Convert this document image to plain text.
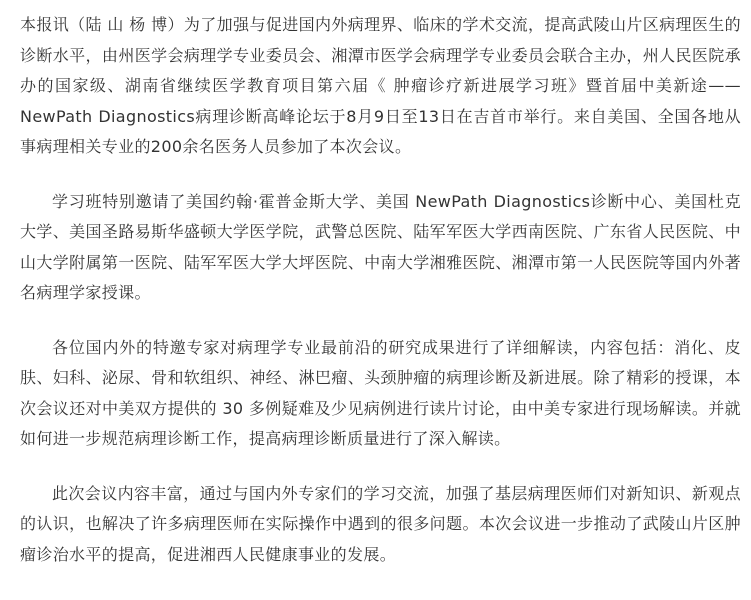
本报讯（陆 山 杨 博）为了加强与促进国内外病理界、临床的学术交流，提高武陵山片区病理医生的诊断水平，由州医学会病理学专业委员会、湘潭市医学会病理学专业委员会联合主办，州人民医院承办的国家级、湖南省继续医学教育项目第六届《 肿瘤诊疗新进展学习班》暨首届中美新途——NewPath Diagnostics病理诊断高峰论坛于8月9日至13日在吉首市举行。来自美国、全国各地从事病理相关专业的200余名医务人员参加了本次会议。

学习班特别邀请了美国约翰·霍普金斯大学、美国 NewPath Diagnostics诊断中心、美国杜克大学、美国圣路易斯华盛顿大学医学院，武警总医院、陆军军医大学西南医院、广东省人民医院、中山大学附属第一医院、陆军军医大学大坪医院、中南大学湘雅医院、湘潭市第一人民医院等国内外著名病理学家授课。

各位国内外的特邀专家对病理学专业最前沿的研究成果进行了详细解读，内容包括：消化、皮肤、妇科、泌尿、骨和软组织、神经、淋巴瘤、头颈肿瘤的病理诊断及新进展。除了精彩的授课，本次会议还对中美双方提供的 30 多例疑难及少见病例进行读片讨论，由中美专家进行现场解读。并就如何进一步规范病理诊断工作，提高病理诊断质量进行了深入解读。

此次会议内容丰富，通过与国内外专家们的学习交流，加强了基层病理医师们对新知识、新观点的认识，也解决了许多病理医师在实际操作中遇到的很多问题。本次会议进一步推动了武陵山片区肿瘤诊治水平的提高，促进湘西人民健康事业的发展。
